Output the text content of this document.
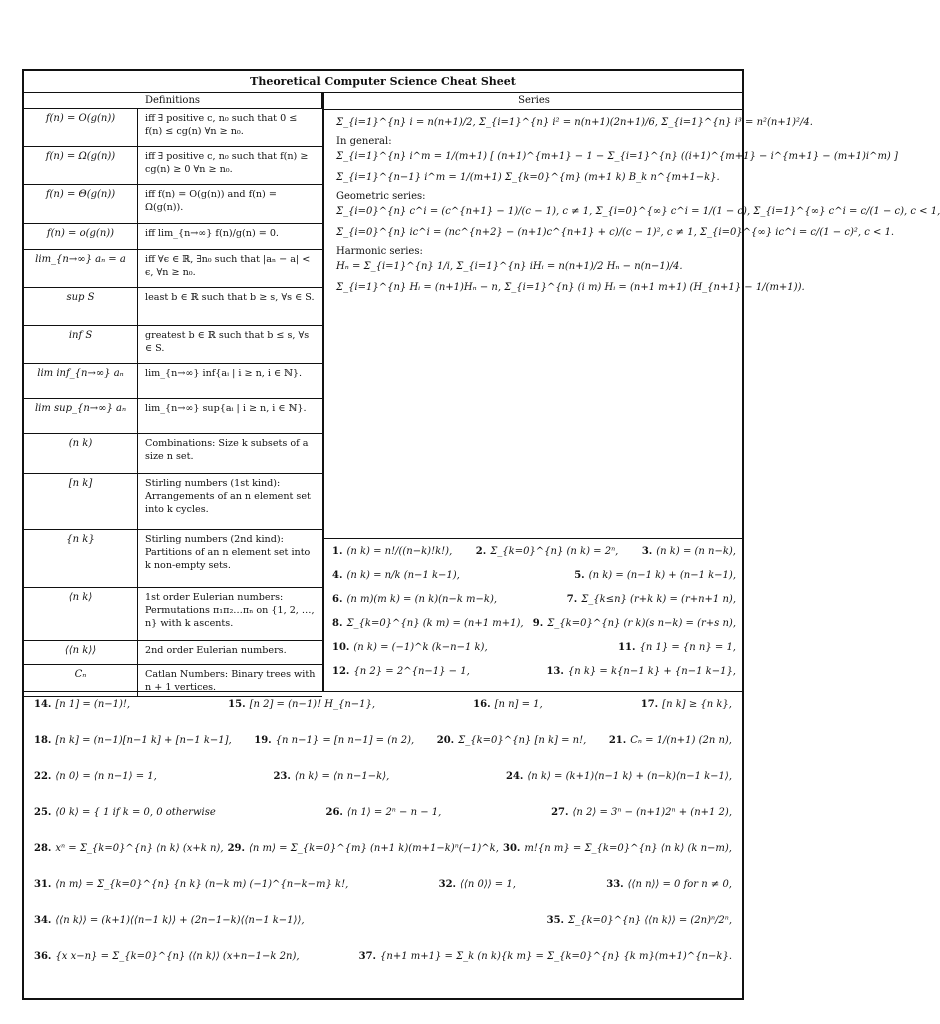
Theoretical Computer Science Cheat Sheet
Definitions	Series
f(n) = O(g(n))	iff ∃ positive c, n₀ such that 0 ≤ f(n) ≤ cg(n) ∀n ≥ n₀.
f(n) = Ω(g(n))	iff ∃ positive c, n₀ such that f(n) ≥ cg(n) ≥ 0 ∀n ≥ n₀.
f(n) = Θ(g(n))	iff f(n) = O(g(n)) and f(n) = Ω(g(n)).
f(n) = o(g(n))	iff lim_{n→∞} f(n)/g(n) = 0.
lim_{n→∞} aₙ = a	iff ∀ϵ ∈ ℝ, ∃n₀ such that |aₙ − a| < ϵ, ∀n ≥ n₀.
sup S	least b ∈ ℝ such that b ≥ s, ∀s ∈ S.
inf S	greatest b ∈ ℝ such that b ≤ s, ∀s ∈ S.
lim inf_{n→∞} aₙ	lim_{n→∞} inf{aᵢ | i ≥ n, i ∈ ℕ}.
lim sup_{n→∞} aₙ	lim_{n→∞} sup{aᵢ | i ≥ n, i ∈ ℕ}.
(n k)	Combinations: Size k subsets of a size n set.
[n k]	Stirling numbers (1st kind): Arrangements of an n element set into k cycles.
{n k}	Stirling numbers (2nd kind): Partitions of an n element set into k non-empty sets.
⟨n k⟩	1st order Eulerian numbers: Permutations π₁π₂…πₙ on {1, 2, …, n} with k ascents.
⟨⟨n k⟩⟩	2nd order Eulerian numbers.
Cₙ	Catlan Numbers: Binary trees with n + 1 vertices.
Σ_{i=1}^{n} i = n(n+1)/2, Σ_{i=1}^{n} i² = n(n+1)(2n+1)/6, Σ_{i=1}^{n} i³ = n²(n+1)²/4.
In general:
Σ_{i=1}^{n} i^m = 1/(m+1) [ (n+1)^{m+1} − 1 − Σ_{i=1}^{n} ((i+1)^{m+1} − i^{m+1} − (m+1)i^m) ]
Σ_{i=1}^{n−1} i^m = 1/(m+1) Σ_{k=0}^{m} (m+1 k) B_k n^{m+1−k}.
Geometric series:
Σ_{i=0}^{n} c^i = (c^{n+1} − 1)/(c − 1), c ≠ 1, Σ_{i=0}^{∞} c^i = 1/(1 − c), Σ_{i=1}^{∞} c^i = c/(1 − c), c < 1,
Σ_{i=0}^{n} ic^i = (nc^{n+2} − (n+1)c^{n+1} + c)/(c − 1)², c ≠ 1, Σ_{i=0}^{∞} ic^i = c/(1 − c)², c < 1.
Harmonic series:
Hₙ = Σ_{i=1}^{n} 1/i, Σ_{i=1}^{n} iHᵢ = n(n+1)/2 Hₙ − n(n−1)/4.
Σ_{i=1}^{n} Hᵢ = (n+1)Hₙ − n, Σ_{i=1}^{n} (i m) Hᵢ = (n+1 m+1) (H_{n+1} − 1/(m+1)).
1. (n k) = n!/((n−k)!k!), 2. Σ_{k=0}^{n} (n k) = 2ⁿ, 3. (n k) = (n n−k),
4. (n k) = n/k (n−1 k−1),	5. (n k) = (n−1 k) + (n−1 k−1),
6. (n m)(m k) = (n k)(n−k m−k),	7. Σ_{k≤n} (r+k k) = (r+n+1 n),
8. Σ_{k=0}^{n} (k m) = (n+1 m+1), 9. Σ_{k=0}^{n} (r k)(s n−k) = (r+s n),
10. (n k) = (−1)^k (k−n−1 k),	11. {n 1} = {n n} = 1,
12. {n 2} = 2^{n−1} − 1,	13. {n k} = k{n−1 k} + {n−1 k−1},
14. [n 1] = (n−1)!,	15. [n 2] = (n−1)! H_{n−1},	16. [n n] = 1,	17. [n k] ≥ {n k},
18. [n k] = (n−1)[n−1 k] + [n−1 k−1], 19. {n n−1} = [n n−1] = (n 2), 20. Σ_{k=0}^{n} [n k] = n!, 21. Cₙ = 1/(n+1) (2n n),
22. ⟨n 0⟩ = ⟨n n−1⟩ = 1,	23. ⟨n k⟩ = ⟨n n−1−k⟩,	24. ⟨n k⟩ = (k+1)⟨n−1 k⟩ + (n−k)⟨n−1 k−1⟩,
25. ⟨0 k⟩ = { 1 if k = 0, 0 otherwise	26. ⟨n 1⟩ = 2ⁿ − n − 1,	27. ⟨n 2⟩ = 3ⁿ − (n+1)2ⁿ + (n+1 2),
28. xⁿ = Σ_{k=0}^{n} ⟨n k⟩ (x+k n), 29. ⟨n m⟩ = Σ_{k=0}^{m} (n+1 k)(m+1−k)ⁿ(−1)^k, 30. m!{n m} = Σ_{k=0}^{n} ⟨n k⟩ (k n−m),
31. ⟨n m⟩ = Σ_{k=0}^{n} {n k} (n−k m) (−1)^{n−k−m} k!,	32. ⟨⟨n 0⟩⟩ = 1,	33. ⟨⟨n n⟩⟩ = 0 for n ≠ 0,
34. ⟨⟨n k⟩⟩ = (k+1)⟨⟨n−1 k⟩⟩ + (2n−1−k)⟨⟨n−1 k−1⟩⟩,	35. Σ_{k=0}^{n} ⟨⟨n k⟩⟩ = (2n)ⁿ/2ⁿ,
36. {x x−n} = Σ_{k=0}^{n} ⟨⟨n k⟩⟩ (x+n−1−k 2n),	37. {n+1 m+1} = Σ_k (n k){k m} = Σ_{k=0}^{n} {k m}(m+1)^{n−k}.
